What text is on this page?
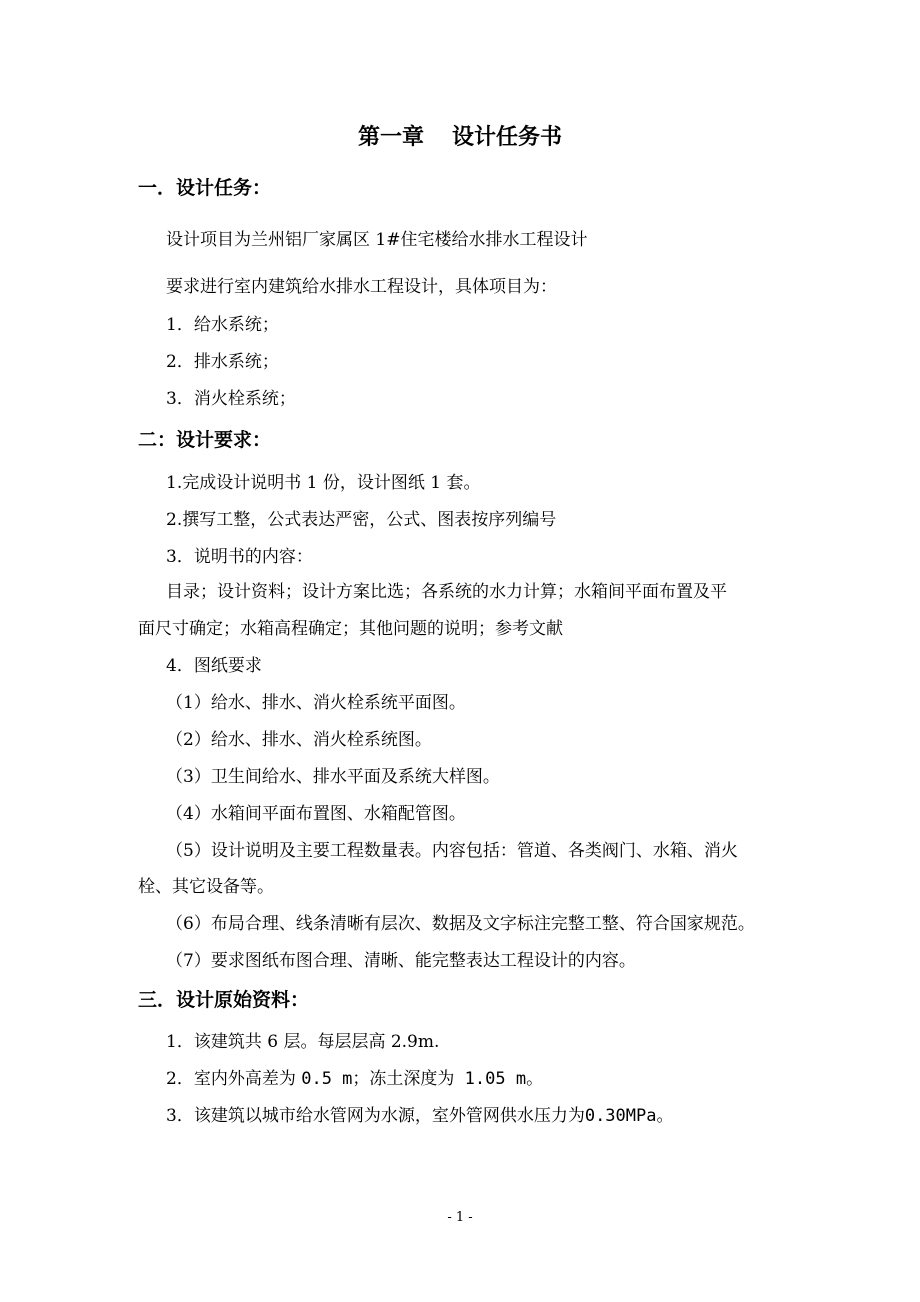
第一章 设计任务书
一．设计任务：
设计项目为兰州铝厂家属区 1#住宅楼给水排水工程设计
要求进行室内建筑给水排水工程设计，具体项目为：
1．给水系统；
2．排水系统；
3．消火栓系统；
二：设计要求：
1.完成设计说明书 1 份，设计图纸 1 套。
2.撰写工整，公式表达严密，公式、图表按序列编号
3．说明书的内容：
目录；设计资料；设计方案比选；各系统的水力计算；水箱间平面布置及平
面尺寸确定；水箱高程确定；其他问题的说明；参考文献
4．图纸要求
（1）给水、排水、消火栓系统平面图。
（2）给水、排水、消火栓系统图。
（3）卫生间给水、排水平面及系统大样图。
（4）水箱间平面布置图、水箱配管图。
（5）设计说明及主要工程数量表。内容包括：管道、各类阀门、水箱、消火
栓、其它设备等。
（6）布局合理、线条清晰有层次、数据及文字标注完整工整、符合国家规范。
（7）要求图纸布图合理、清晰、能完整表达工程设计的内容。
三．设计原始资料：
1．该建筑共 6 层。每层层高 2.9m.
2．室内外高差为 0.5 m；冻土深度为 1.05 m。
3．该建筑以城市给水管网为水源，室外管网供水压力为0.30MPa。
- 1 -
